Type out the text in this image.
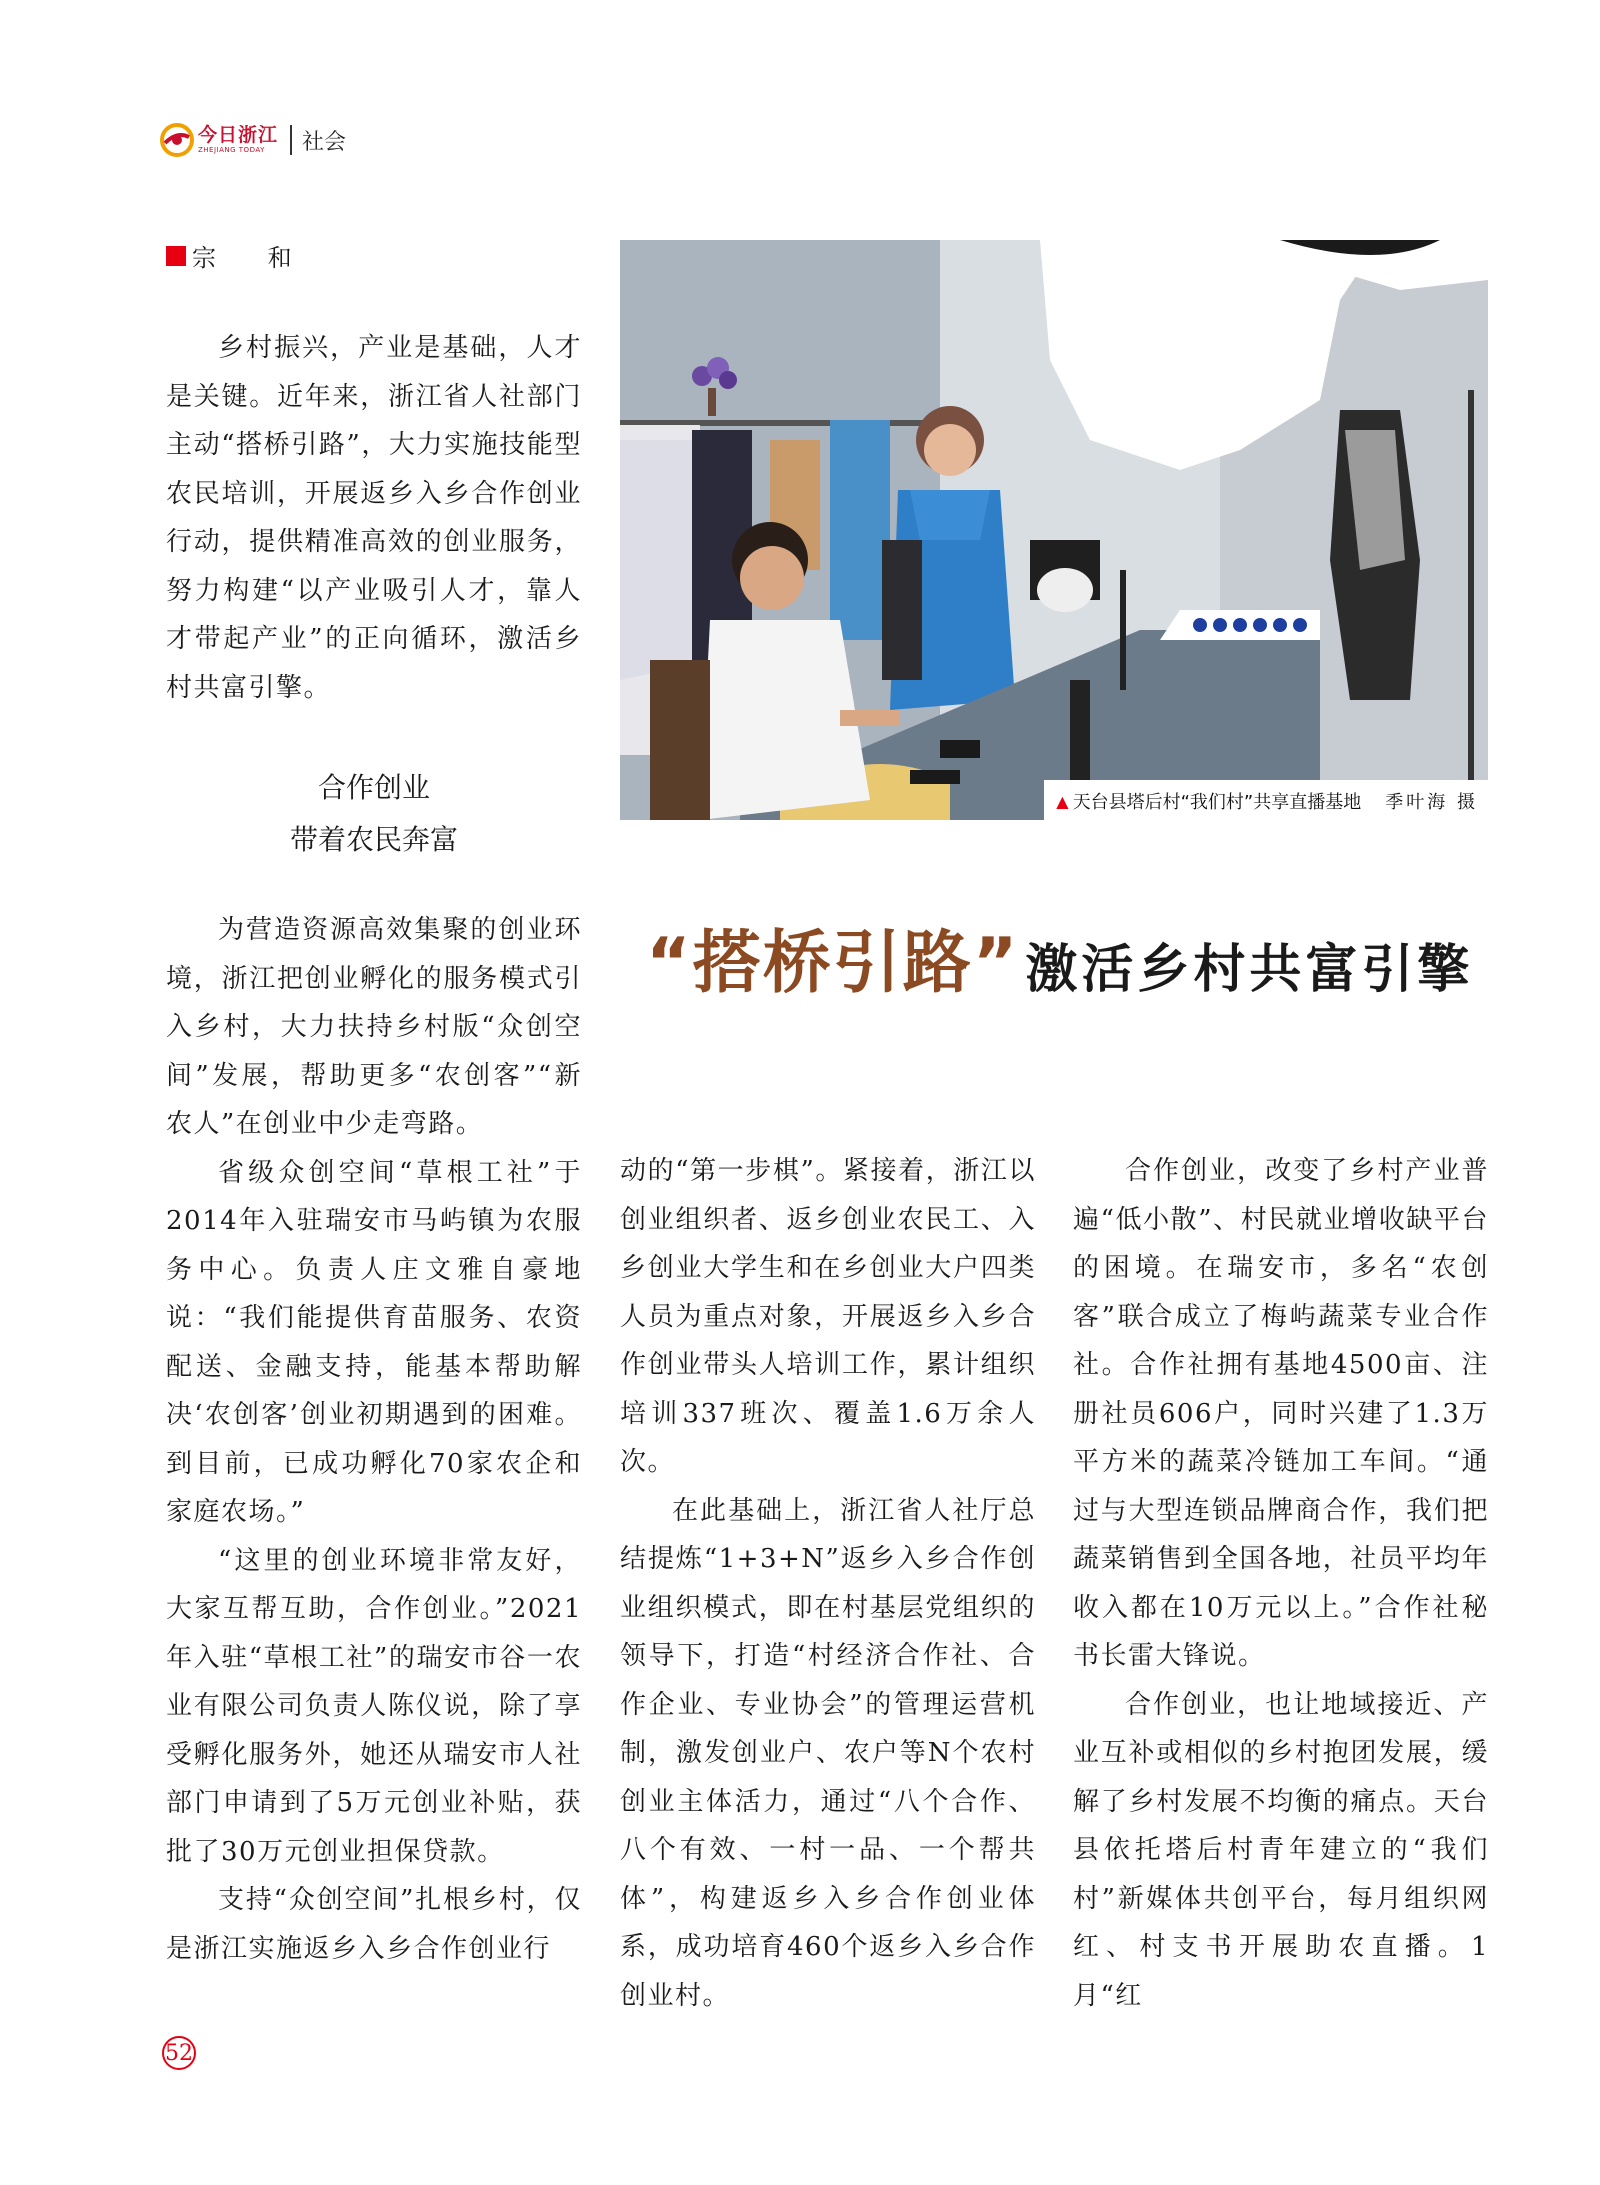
今日浙江
ZHEJIANG TODAY	社会
宗 和

乡村振兴，产业是基础，人才是关键。近年来，浙江省人社部门主动“搭桥引路”，大力实施技能型农民培训，开展返乡入乡合作创业行动，提供精准高效的创业服务，努力构建“以产业吸引人才，靠人才带起产业”的正向循环，激活乡村共富引擎。

合作创业
带着农民奔富
▲ 天台县塔后村“我们村”共享直播基地 季叶海 摄
“搭桥引路” 激活乡村共富引擎

为营造资源高效集聚的创业环境，浙江把创业孵化的服务模式引入乡村，大力扶持乡村版“众创空间”发展，帮助更多“农创客”“新农人”在创业中少走弯路。

省级众创空间“草根工社”于2014年入驻瑞安市马屿镇为农服务中心。负责人庄文雅自豪地说：“我们能提供育苗服务、农资配送、金融支持，能基本帮助解决‘农创客’创业初期遇到的困难。到目前，已成功孵化70家农企和家庭农场。”

“这里的创业环境非常友好，大家互帮互助，合作创业。”2021年入驻“草根工社”的瑞安市谷一农业有限公司负责人陈仪说，除了享受孵化服务外，她还从瑞安市人社部门申请到了5万元创业补贴，获批了30万元创业担保贷款。

支持“众创空间”扎根乡村，仅是浙江实施返乡入乡合作创业行

动的“第一步棋”。紧接着，浙江以创业组织者、返乡创业农民工、入乡创业大学生和在乡创业大户四类人员为重点对象，开展返乡入乡合作创业带头人培训工作，累计组织培训337班次、覆盖1.6万余人次。

在此基础上，浙江省人社厅总结提炼“1+3+N”返乡入乡合作创业组织模式，即在村基层党组织的领导下，打造“村经济合作社、合作企业、专业协会”的管理运营机制，激发创业户、农户等N个农村创业主体活力，通过“八个合作、八个有效、一村一品、一个帮共体”，构建返乡入乡合作创业体系，成功培育460个返乡入乡合作创业村。

合作创业，改变了乡村产业普遍“低小散”、村民就业增收缺平台的困境。在瑞安市，多名“农创客”联合成立了梅屿蔬菜专业合作社。合作社拥有基地4500亩、注册社员606户，同时兴建了1.3万平方米的蔬菜冷链加工车间。“通过与大型连锁品牌商合作，我们把蔬菜销售到全国各地，社员平均年收入都在10万元以上。”合作社秘书长雷大锋说。

合作创业，也让地域接近、产业互补或相似的乡村抱团发展，缓解了乡村发展不均衡的痛点。天台县依托塔后村青年建立的“我们村”新媒体共创平台，每月组织网红、村支书开展助农直播。1月“红

52
